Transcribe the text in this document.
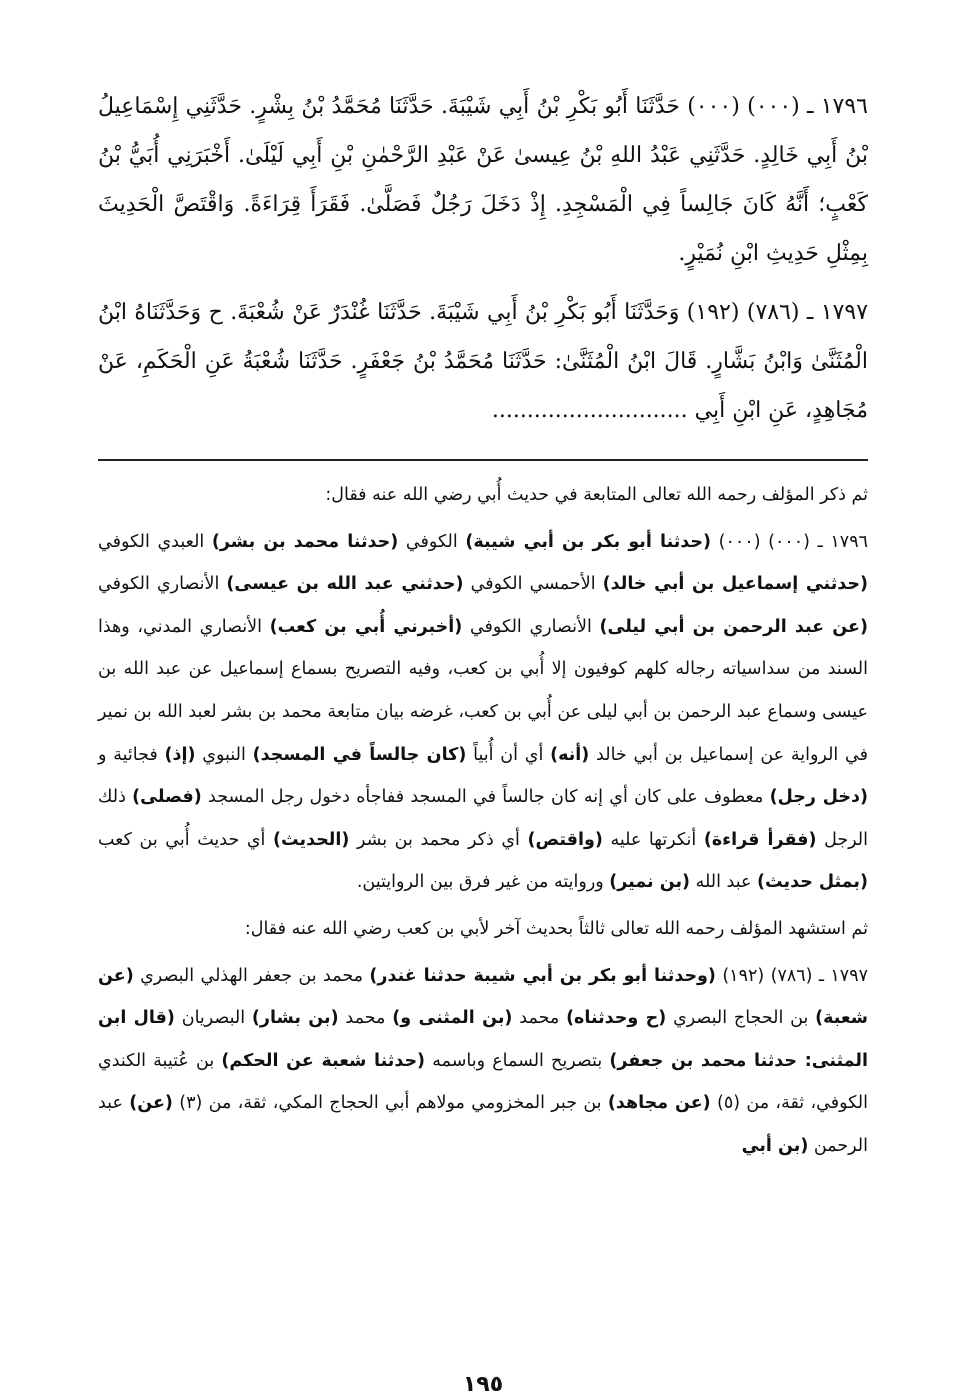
١٧٩٦ ـ (٠٠٠) (٠٠٠) حَدَّثَنَا أَبُو بَكْرِ بْنُ أَبِي شَيْبَةَ. حَدَّثَنَا مُحَمَّدُ بْنُ بِشْرٍ. حَدَّثَنِي إِسْمَاعِيلُ بْنُ أَبِي خَالِدٍ. حَدَّثَنِي عَبْدُ اللهِ بْنُ عِيسىٰ عَنْ عَبْدِ الرَّحْمٰنِ بْنِ أَبِي لَيْلَىٰ. أَخْبَرَنِي أُبَيُّ بْنُ كَعْبٍ؛ أَنَّهُ كَانَ جَالِساً فِي الْمَسْجِدِ. إِذْ دَخَلَ رَجُلٌ فَصَلَّىٰ. فَقَرَأَ قِرَاءَةً. وَاقْتَصَّ الْحَدِيثَ بِمِثْلِ حَدِيثِ ابْنِ نُمَيْرٍ.

١٧٩٧ ـ (٧٨٦) (١٩٢) وَحَدَّثَنَا أَبُو بَكْرِ بْنُ أَبِي شَيْبَةَ. حَدَّثَنَا غُنْدَرٌ عَنْ شُعْبَةَ. ح وَحَدَّثَنَاهُ ابْنُ الْمُثَنَّىٰ وَابْنُ بَشَّارٍ. قَالَ ابْنُ الْمُثَنَّىٰ: حَدَّثَنَا مُحَمَّدُ بْنُ جَعْفَرٍ. حَدَّثَنَا شُعْبَةُ عَنِ الْحَكَمِ، عَنْ مُجَاهِدٍ، عَنِ ابْنِ أَبِي ............................

ثم ذكر المؤلف رحمه الله تعالى المتابعة في حديث أُبي رضي الله عنه فقال:

١٧٩٦ ـ (٠٠٠) (٠٠٠) (حدثنا أبو بكر بن أبي شيبة) الكوفي (حدثنا محمد بن بشر) العبدي الكوفي (حدثني إسماعيل بن أبي خالد) الأحمسي الكوفي (حدثني عبد الله بن عيسى) الأنصاري الكوفي (عن عبد الرحمن بن أبي ليلى) الأنصاري الكوفي (أخبرني أُبي بن كعب) الأنصاري المدني، وهذا السند من سداسياته رجاله كلهم كوفيون إلا أُبي بن كعب، وفيه التصريح بسماع إسماعيل عن عبد الله بن عيسى وسماع عبد الرحمن بن أبي ليلى عن أُبي بن كعب، غرضه بيان متابعة محمد بن بشر لعبد الله بن نمير في الرواية عن إسماعيل بن أبي خالد (أنه) أي أن أُبياً (كان جالساً في المسجد) النبوي (إذ) فجائية و (دخل رجل) معطوف على كان أي إنه كان جالساً في المسجد ففاجأه دخول رجل المسجد (فصلى) ذلك الرجل (فقرأ قراءة) أنكرتها عليه (واقتص) أي ذكر محمد بن بشر (الحديث) أي حديث أُبي بن كعب (بمثل حديث) عبد الله (بن نمير) وروايته من غير فرق بين الروايتين.

ثم استشهد المؤلف رحمه الله تعالى ثالثاً بحديث آخر لأبي بن كعب رضي الله عنه فقال:

١٧٩٧ ـ (٧٨٦) (١٩٢) (وحدثنا أبو بكر بن أبي شيبة حدثنا غندر) محمد بن جعفر الهذلي البصري (عن شعبة) بن الحجاج البصري (ح وحدثناه) محمد (بن المثنى و) محمد (بن بشار) البصريان (قال ابن المثنى: حدثنا محمد بن جعفر) بتصريح السماع وباسمه (حدثنا شعبة عن الحكم) بن عُتيبة الكندي الكوفي، ثقة، من (٥) (عن مجاهد) بن جبر المخزومي مولاهم أبي الحجاج المكي، ثقة، من (٣) (عن) عبد الرحمن (بن أبي

١٩٥
